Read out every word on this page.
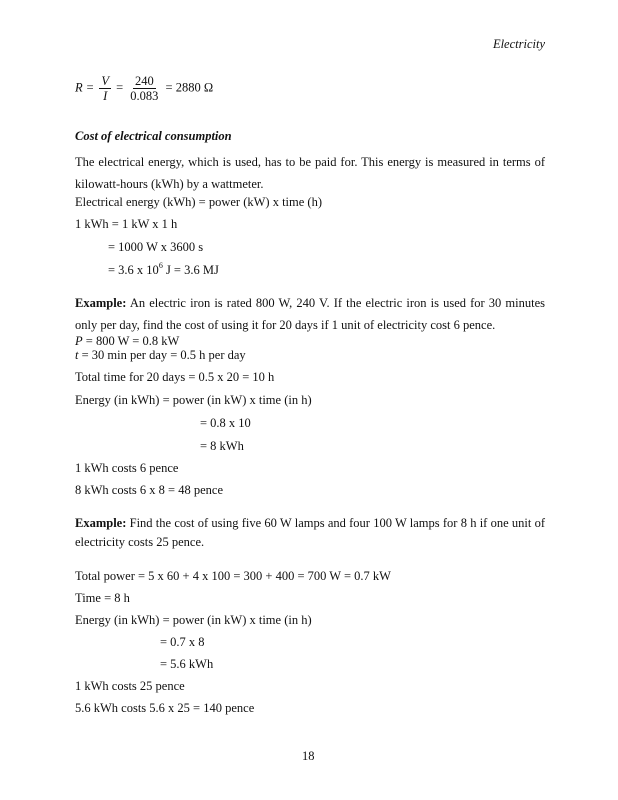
Electricity
$R = \frac{V}{I} = \frac{240}{0.083} = 2880$ Ω
Cost of electrical consumption
The electrical energy, which is used, has to be paid for. This energy is measured in terms of kilowatt-hours (kWh) by a wattmeter.
Electrical energy (kWh) = power (kW) x time (h)
1 kWh = 1 kW x 1 h
= 1000 W x 3600 s
= 3.6 x $10^6$ J = 3.6 MJ
Example: An electric iron is rated 800 W, 240 V. If the electric iron is used for 30 minutes only per day, find the cost of using it for 20 days if 1 unit of electricity cost 6 pence.
P = 800 W = 0.8 kW
t = 30 min per day = 0.5 h per day
Total time for 20 days = 0.5 x 20 = 10 h
Energy (in kWh) = power (in kW) x time (in h)
= 0.8 x 10
= 8 kWh
1 kWh costs 6 pence
8 kWh costs 6 x 8 = 48 pence
Example: Find the cost of using five 60 W lamps and four 100 W lamps for 8 h if one unit of electricity costs 25 pence.
Total power = 5 x 60 + 4 x 100 = 300 + 400 = 700 W = 0.7 kW
Time = 8 h
Energy (in kWh) = power (in kW) x time (in h)
= 0.7 x 8
= 5.6 kWh
1 kWh costs 25 pence
5.6 kWh costs 5.6 x 25 = 140 pence
18
